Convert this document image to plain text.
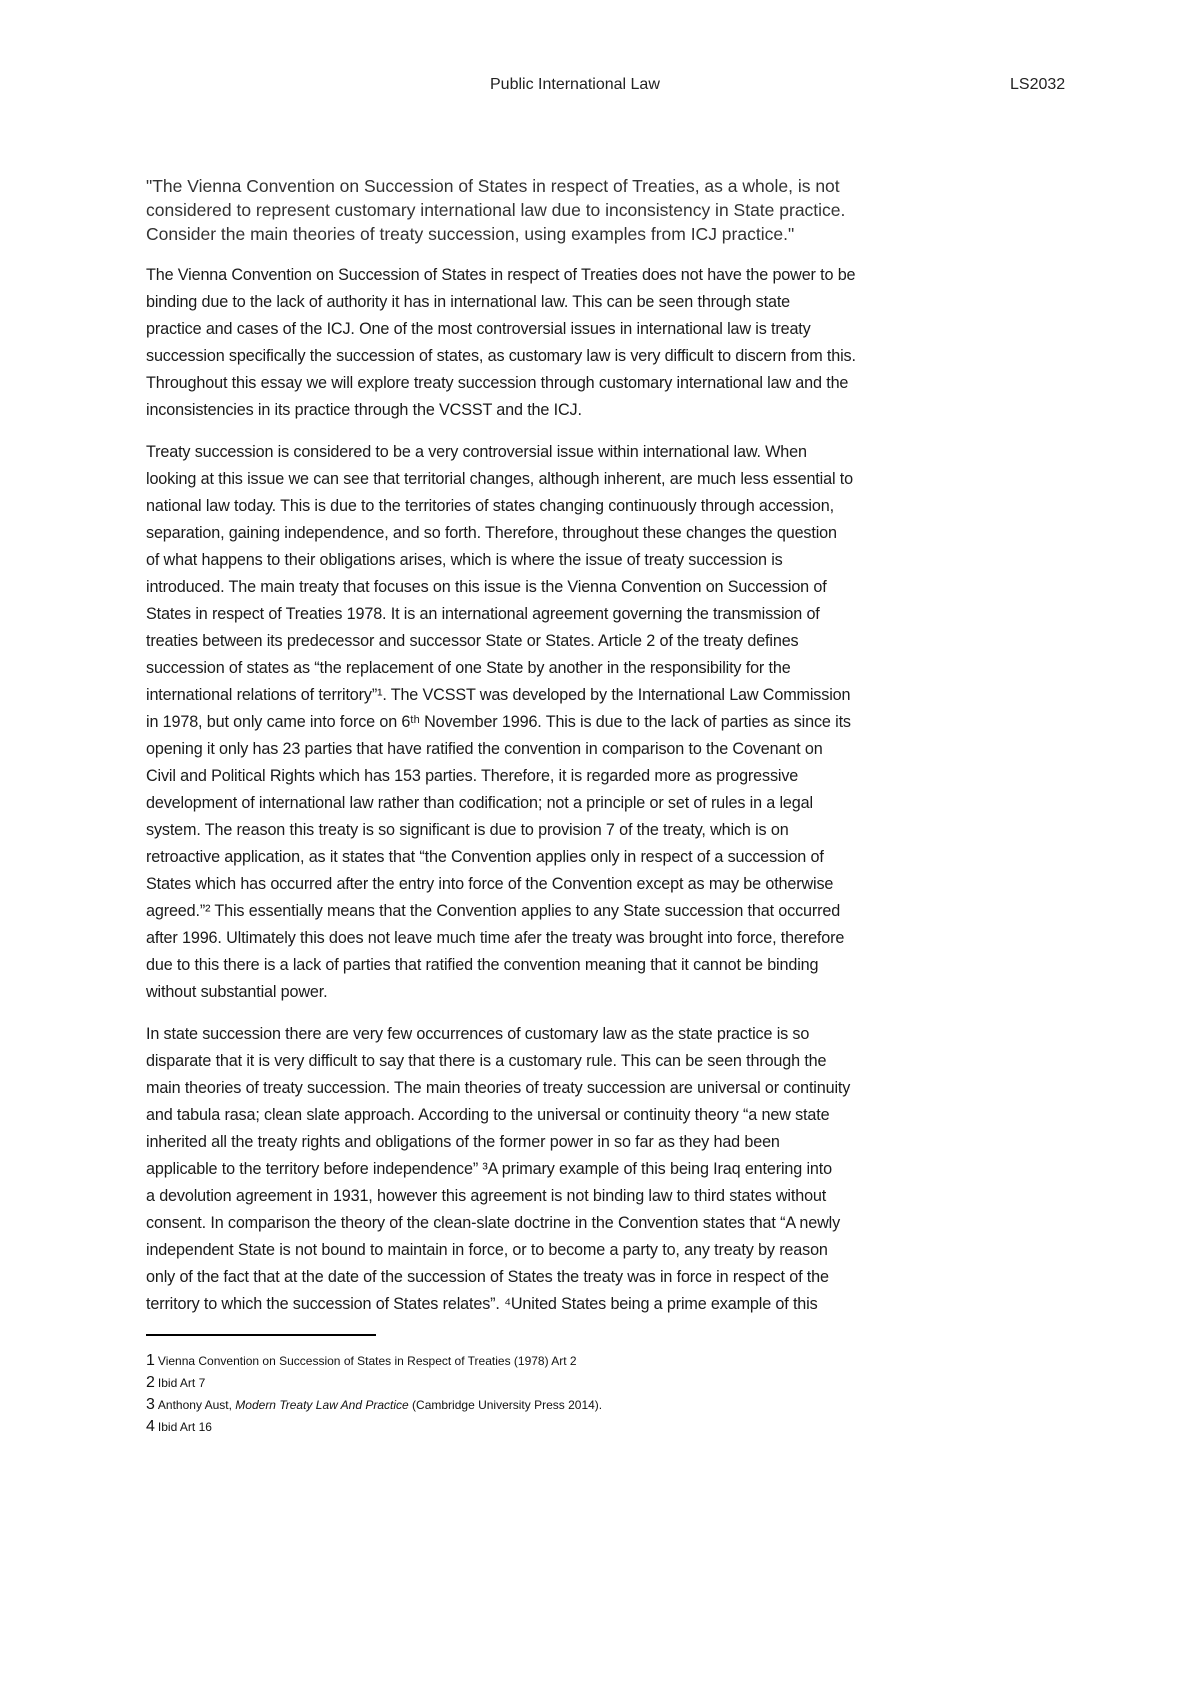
Public International Law	LS2032
"The Vienna Convention on Succession of States in respect of Treaties, as a whole, is not
considered to represent customary international law due to inconsistency in State practice.
Consider the main theories of treaty succession, using examples from ICJ practice."
The Vienna Convention on Succession of States in respect of Treaties does not have the power to be
binding due to the lack of authority it has in international law. This can be seen through state
practice and cases of the ICJ. One of the most controversial issues in international law is treaty
succession specifically the succession of states, as customary law is very difficult to discern from this.
Throughout this essay we will explore treaty succession through customary international law and the
inconsistencies in its practice through the VCSST and the ICJ.
Treaty succession is considered to be a very controversial issue within international law. When
looking at this issue we can see that territorial changes, although inherent, are much less essential to
national law today. This is due to the territories of states changing continuously through accession,
separation, gaining independence, and so forth. Therefore, throughout these changes the question
of what happens to their obligations arises, which is where the issue of treaty succession is
introduced. The main treaty that focuses on this issue is the Vienna Convention on Succession of
States in respect of Treaties 1978. It is an international agreement governing the transmission of
treaties between its predecessor and successor State or States. Article 2 of the treaty defines
succession of states as “the replacement of one State by another in the responsibility for the
international relations of territory”¹. The VCSST was developed by the International Law Commission
in 1978, but only came into force on 6ᵗʰ November 1996. This is due to the lack of parties as since its
opening it only has 23 parties that have ratified the convention in comparison to the Covenant on
Civil and Political Rights which has 153 parties. Therefore, it is regarded more as progressive
development of international law rather than codification; not a principle or set of rules in a legal
system. The reason this treaty is so significant is due to provision 7 of the treaty, which is on
retroactive application, as it states that “the Convention applies only in respect of a succession of
States which has occurred after the entry into force of the Convention except as may be otherwise
agreed.”² This essentially means that the Convention applies to any State succession that occurred
after 1996. Ultimately this does not leave much time afer the treaty was brought into force, therefore
due to this there is a lack of parties that ratified the convention meaning that it cannot be binding
without substantial power.
In state succession there are very few occurrences of customary law as the state practice is so
disparate that it is very difficult to say that there is a customary rule. This can be seen through the
main theories of treaty succession. The main theories of treaty succession are universal or continuity
and tabula rasa; clean slate approach. According to the universal or continuity theory “a new state
inherited all the treaty rights and obligations of the former power in so far as they had been
applicable to the territory before independence” ³A primary example of this being Iraq entering into
a devolution agreement in 1931, however this agreement is not binding law to third states without
consent. In comparison the theory of the clean-slate doctrine in the Convention states that “A newly
independent State is not bound to maintain in force, or to become a party to, any treaty by reason
only of the fact that at the date of the succession of States the treaty was in force in respect of the
territory to which the succession of States relates”. ⁴United States being a prime example of this
1 Vienna Convention on Succession of States in Respect of Treaties (1978) Art 2
2 Ibid Art 7
3 Anthony Aust, Modern Treaty Law And Practice (Cambridge University Press 2014).
4 Ibid Art 16
